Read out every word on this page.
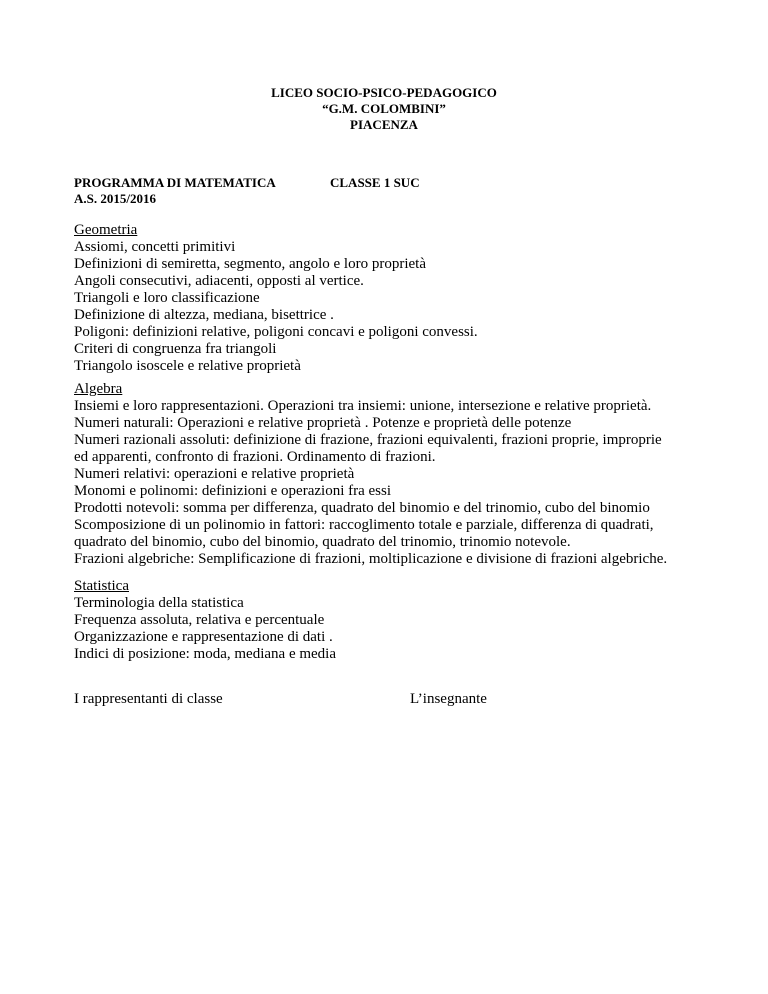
LICEO SOCIO-PSICO-PEDAGOGICO
“G.M. COLOMBINI”
PIACENZA
PROGRAMMA DI MATEMATICA
A.S. 2015/2016
CLASSE 1 SUC
Geometria
Assiomi, concetti primitivi
Definizioni di semiretta, segmento, angolo e loro proprietà
Angoli consecutivi, adiacenti, opposti al vertice.
Triangoli e loro classificazione
Definizione di altezza, mediana, bisettrice .
Poligoni: definizioni relative, poligoni concavi e poligoni convessi.
Criteri di congruenza fra triangoli
Triangolo isoscele e relative proprietà
Algebra
Insiemi e loro rappresentazioni. Operazioni tra insiemi: unione, intersezione e relative proprietà.
Numeri naturali: Operazioni e relative proprietà . Potenze e proprietà delle potenze
Numeri razionali assoluti: definizione di frazione, frazioni equivalenti, frazioni proprie, improprie
ed apparenti, confronto di frazioni. Ordinamento di frazioni.
Numeri relativi: operazioni e relative proprietà
Monomi e polinomi: definizioni e operazioni fra essi
Prodotti notevoli: somma per differenza, quadrato del binomio e del trinomio, cubo del binomio
Scomposizione di un polinomio in fattori: raccoglimento totale e parziale, differenza di quadrati,
quadrato del binomio, cubo del binomio, quadrato del trinomio, trinomio notevole.
Frazioni algebriche: Semplificazione di frazioni, moltiplicazione e divisione di frazioni algebriche.
Statistica
Terminologia della statistica
Frequenza assoluta, relativa e percentuale
Organizzazione e rappresentazione di dati .
Indici di posizione: moda, mediana e media
I rappresentanti di classe	L’insegnante
